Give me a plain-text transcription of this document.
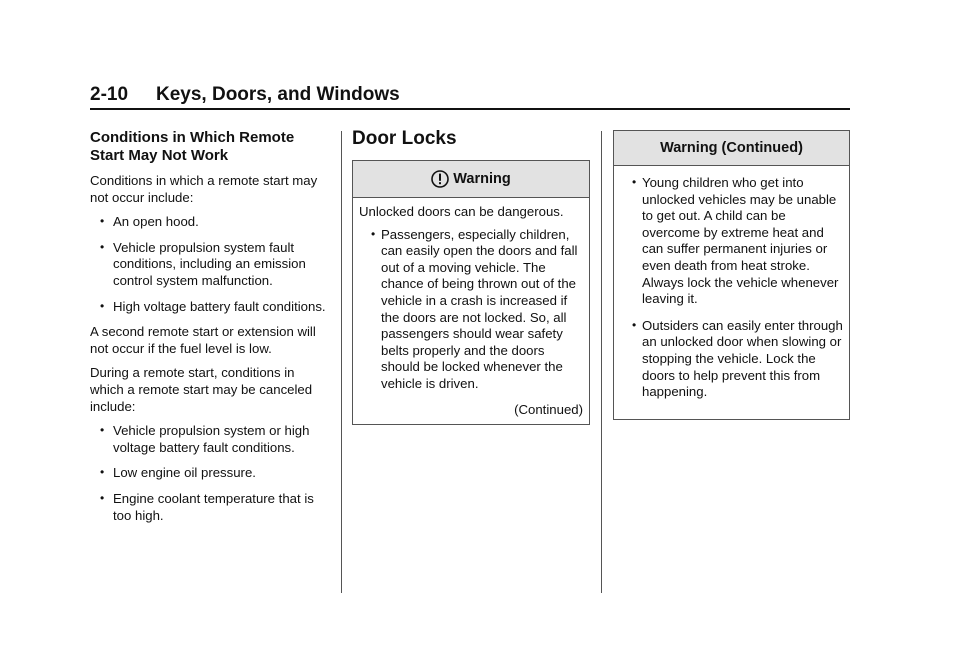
2-10 Keys, Doors, and Windows
Conditions in Which Remote Start May Not Work
Conditions in which a remote start may not occur include:
• An open hood.
• Vehicle propulsion system fault conditions, including an emission control system malfunction.
• High voltage battery fault conditions.
A second remote start or extension will not occur if the fuel level is low.
During a remote start, conditions in which a remote start may be canceled include:
• Vehicle propulsion system or high voltage battery fault conditions.
• Low engine oil pressure.
• Engine coolant temperature that is too high.
Door Locks
Warning
Unlocked doors can be dangerous.
• Passengers, especially children, can easily open the doors and fall out of a moving vehicle. The chance of being thrown out of the vehicle in a crash is increased if the doors are not locked. So, all passengers should wear safety belts properly and the doors should be locked whenever the vehicle is driven.
(Continued)
Warning (Continued)
• Young children who get into unlocked vehicles may be unable to get out. A child can be overcome by extreme heat and can suffer permanent injuries or even death from heat stroke. Always lock the vehicle whenever leaving it.
• Outsiders can easily enter through an unlocked door when slowing or stopping the vehicle. Lock the doors to help prevent this from happening.
